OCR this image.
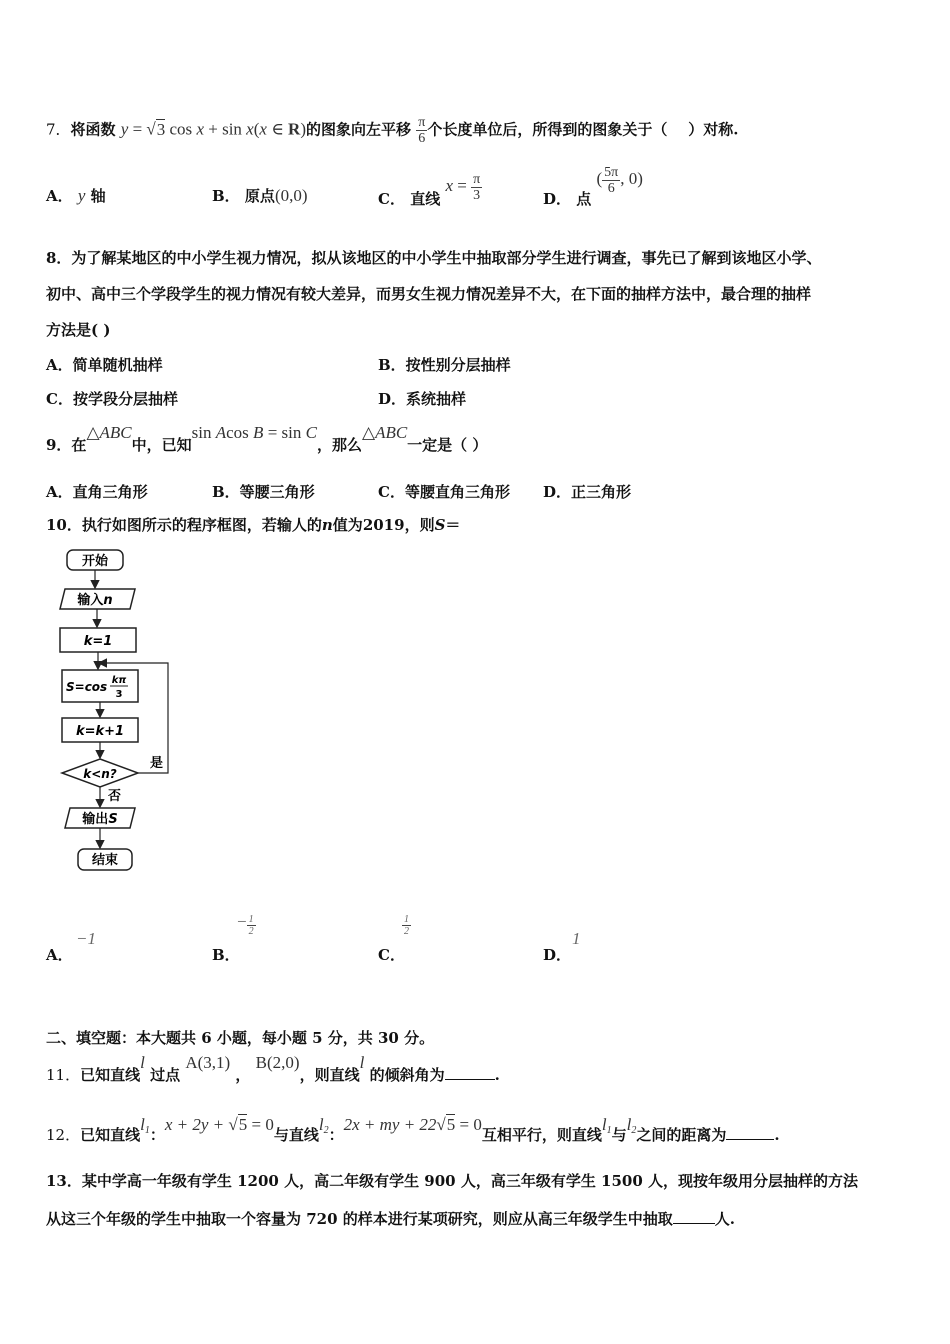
7．将函数 y = √3 cos x + sin x(x ∈ R)的图象向左平移 $\frac{\pi}{6}$ 个长度单位后，所得到的图象关于（ ）对称.
A． y 轴	B． 原点(0,0)	C． 直线 $x = \frac{\pi}{3}$	D． 点 ( $\frac{5\pi}{6}$ , 0)
8．为了解某地区的中小学生视力情况，拟从该地区的中小学生中抽取部分学生进行调查，事先已了解到该地区小学、
初中、高中三个学段学生的视力情况有较大差异，而男女生视力情况差异不大，在下面的抽样方法中，最合理的抽样
方法是( )
A．简单随机抽样	B．按性别分层抽样
C．按学段分层抽样	D．系统抽样
9．在△ABC中，已知sin Acos B = sin C，那么△ABC一定是（ ）
A．直角三角形	B．等腰三角形	C．等腰直角三角形 D．正三角形
10．执行如图所示的程序框图，若输人的n值为2019，则S＝
开始
输入n
k=1
S=cos kπ
3
k=k+1
k<n?
是
否
输出S
结束
A．
−1
B．
− $\frac{1}{2}$
C．
$\frac{1}{2}$
D．
1
二、填空题：本大题共 6 小题，每小题 5 分，共 30 分。
11．已知直线l 过点 A(3,1) ， B(2,0)，则直线l 的倾斜角为	.
12．已知直线$l_1$：x + 2y + √5 = 0与直线$l_2$：2x + my + 22√5 = 0互相平行，则直线$l_1$与$l_2$之间的距离为	.
13．某中学高一年级有学生 1200 人，高二年级有学生 900 人，高三年级有学生 1500 人，现按年级用分层抽样的方法
从这三个年级的学生中抽取一个容量为 720 的样本进行某项研究，则应从高三年级学生中抽取	人.
